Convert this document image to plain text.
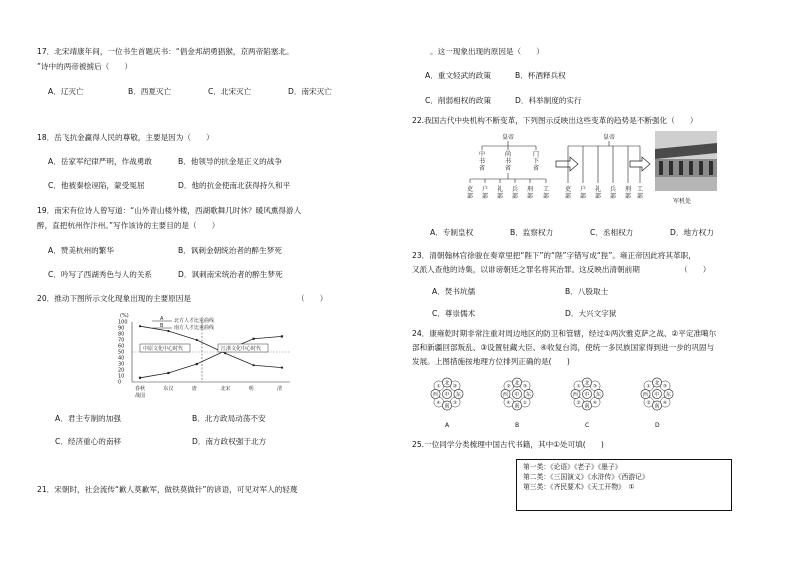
17．北宋靖康年间，一位书生首题庆书：“倡金邦胡勇猖猴，京两帝陷塞北。
”诗中的两帝被掳后（　　）
A．辽灭亡	B．西夏灭亡	C．北宋灭亡	D．南宋灭亡
18．岳飞抗金赢得人民的尊敬，主要是因为（　　）
A．岳家军纪律严明，作战勇敢	B．他领导的抗金是正义的战争
C．他被秦桧诬陷，蒙受冤屈	D．他的抗金使南北获得持久和平
19．南宋有位诗人曾写道：“山外青山楼外楼，西湖歌舞几时休？暖风熏得游人
醉，直把杭州作汴州。”写作该诗的主要目的是（　　）
A．赞美杭州的繁华	B．讽刺金朝统治者的醉生梦死
C．吟写了西湖秀色与人的关系	D．讽刺南宋统治者的醉生梦死
20．推动下图所示文化现象出现的主要原因是	（　　）
(%)
100
90
80
70
60
50
40
30
20
10
0
春秋
战国
东汉	唐	北宋	明	清
A 北方人才比重曲线
B 南方人才比重曲线
中原文化中心时代	江浙文化中心时代
A．君主专制的加强	B．北方政局动荡不安
C．经济重心的南移	D．南方政权强于北方
21．宋朝时，社会流传“歉人莫歉军，做铁莫做针”的谚语，可见对军人的轻蔑
。这一现象出现的原因是（　　）
A．重文轻武的政策	B．杯酒释兵权
C．削弱相权的政策	D．科举制度的实行
22.我国古代中央机构不断变革，下列图示反映出这些变革的趋势是不断强化（　　）
皇帝
中
书
省
尚
书
省
门
下
省
吏
部
户
部
礼
部
兵
部
刑
部
工
部
皇帝
吏
部
户
部
礼
部
兵
部
刑
部
工
部
军机处
A．专制皇权	B．监察权力	C．丞相权力	D．地方权力
23．清朝翰林官徐骏在奏章里把“陛下”的“陛”字错写成“狴”。雍正帝因此将其革职，
又派人查他的诗集，以诽谤朝廷之罪名将其治罪。这反映出清朝前期	（　　）
A．焚书坑儒	B．八股取士
C．尊崇儒术	D．大兴文字狱
24．康雍乾时期非常注重对周边地区的防卫和管辖，经过①两次雅克萨之战、②平定准噶尔
部和新疆回部叛乱、③设置驻藏大臣、④收复台湾，使统一多民族国家得到进一步的巩固与
发展。上图措施按地理方位排列正确的是(　　)
①	②
④	③
中
北
南
东
西
A
②	③
④	①
中
北
南
东
西
B
①	③
②	④
中
北
南
东
西
C
①	③
②	④
中
北
南
东
西
D
25.一位同学分类梳理中国古代书籍，其中①处可填(　　)
第一类：《论语》《老子》《墨子》
第二类：《三国演义》《水浒传》《西游记》
第三类：《齐民要术》《天工开物》　①
